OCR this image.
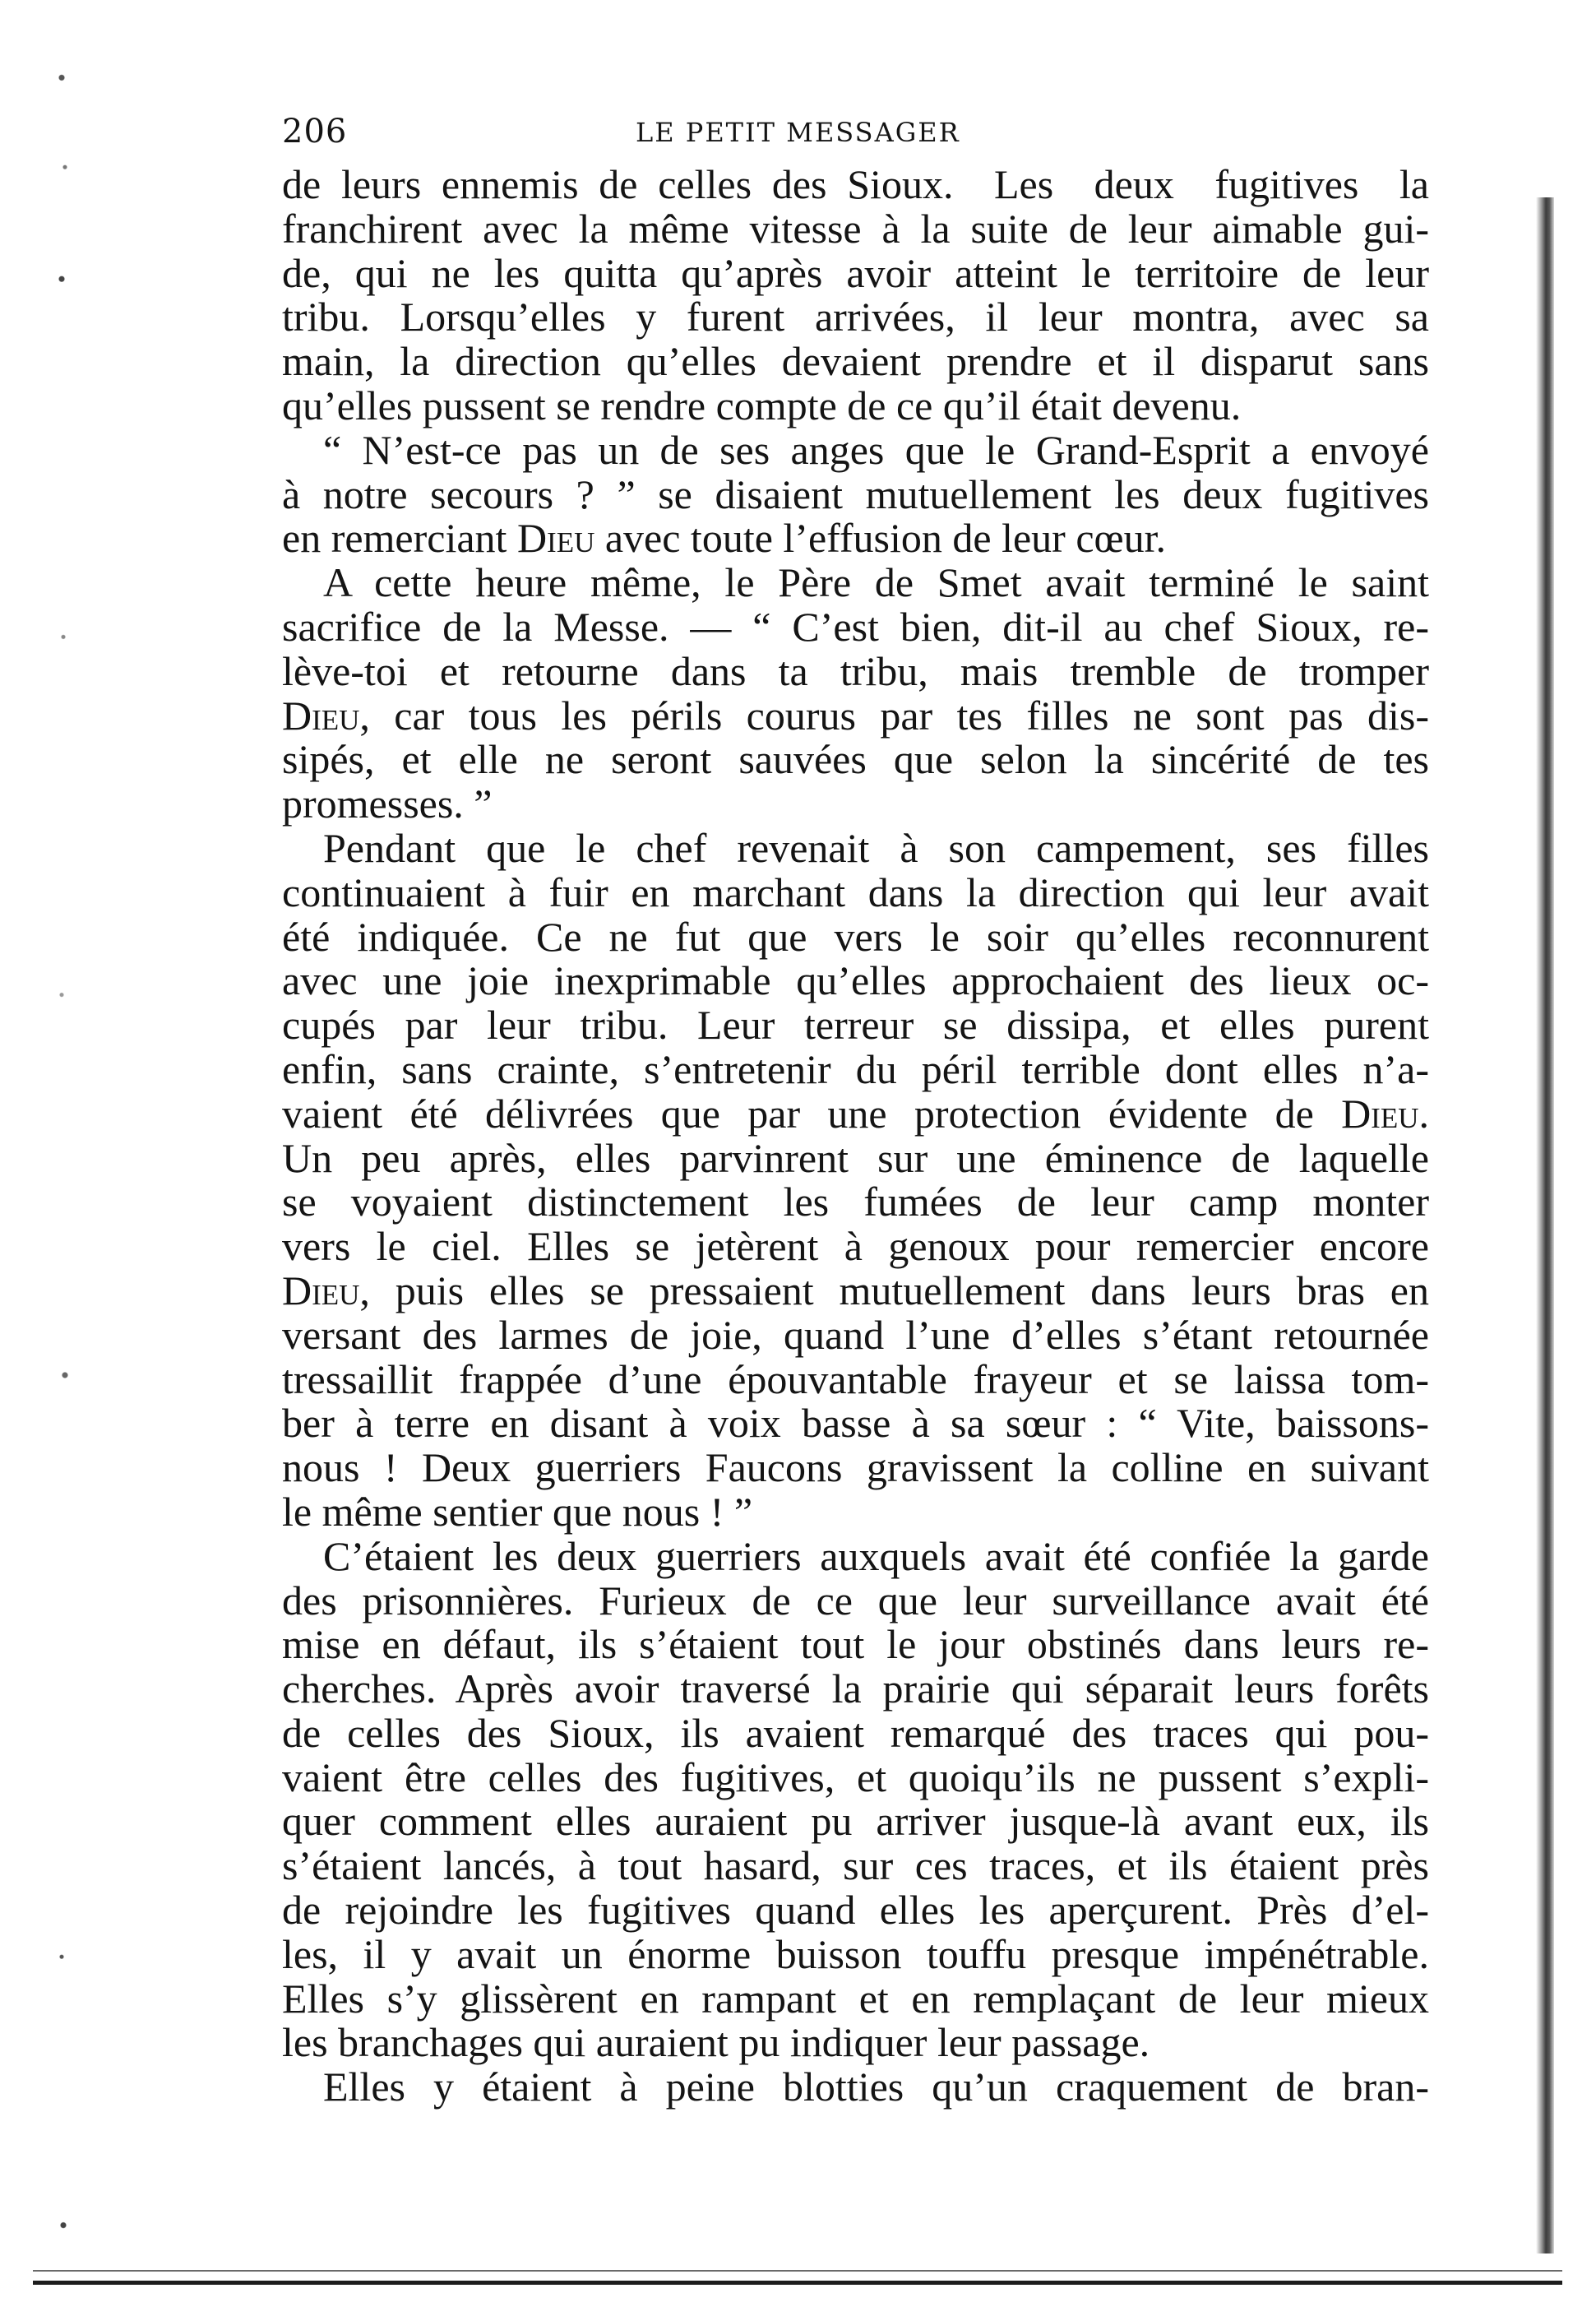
206	LE PETIT MESSAGER
de leurs ennemis de celles des Sioux.  Les  deux  fugitives  la
franchirent avec la même vitesse à la suite de leur aimable gui-
de, qui ne les quitta qu’après avoir atteint le territoire de leur
tribu. Lorsqu’elles y furent arrivées, il leur montra, avec sa
main, la direction qu’elles devaient prendre et il disparut sans
qu’elles pussent se rendre compte de ce qu’il était devenu.
“ N’est-ce pas un de ses anges que le Grand-Esprit a envoyé
à notre secours ? ” se disaient mutuellement les deux fugitives
en remerciant Dieu avec toute l’effusion de leur cœur.
A cette heure même, le Père de Smet avait terminé le saint
sacrifice de la Messe. — “ C’est bien, dit-il au chef Sioux, re-
lève-toi et retourne dans ta tribu, mais tremble de tromper
Dieu, car tous les périls courus par tes filles ne sont pas dis-
sipés, et elle ne seront sauvées que selon la sincérité de tes
promesses. ”
Pendant que le chef revenait à son campement, ses filles
continuaient à fuir en marchant dans la direction qui leur avait
été indiquée. Ce ne fut que vers le soir qu’elles reconnurent
avec une joie inexprimable qu’elles approchaient des lieux oc-
cupés par leur tribu. Leur terreur se dissipa, et elles purent
enfin, sans crainte, s’entretenir du péril terrible dont elles n’a-
vaient été délivrées que par une protection évidente de Dieu.
Un peu après, elles parvinrent sur une éminence de laquelle
se voyaient distinctement les fumées de leur camp monter
vers le ciel. Elles se jetèrent à genoux pour remercier encore
Dieu, puis elles se pressaient mutuellement dans leurs bras en
versant des larmes de joie, quand l’une d’elles s’étant retournée
tressaillit frappée d’une épouvantable frayeur et se laissa tom-
ber à terre en disant à voix basse à sa sœur : “ Vite, baissons-
nous ! Deux guerriers Faucons gravissent la colline en suivant
le même sentier que nous ! ”
C’étaient les deux guerriers auxquels avait été confiée la garde
des prisonnières. Furieux de ce que leur surveillance avait été
mise en défaut, ils s’étaient tout le jour obstinés dans leurs re-
cherches. Après avoir traversé la prairie qui séparait leurs forêts
de celles des Sioux, ils avaient remarqué des traces qui pou-
vaient être celles des fugitives, et quoiqu’ils ne pussent s’expli-
quer comment elles auraient pu arriver jusque-là avant eux, ils
s’étaient lancés, à tout hasard, sur ces traces, et ils étaient près
de rejoindre les fugitives quand elles les aperçurent. Près d’el-
les, il y avait un énorme buisson touffu presque impénétrable.
Elles s’y glissèrent en rampant et en remplaçant de leur mieux
les branchages qui auraient pu indiquer leur passage.
Elles y étaient à peine blotties qu’un craquement de bran-
